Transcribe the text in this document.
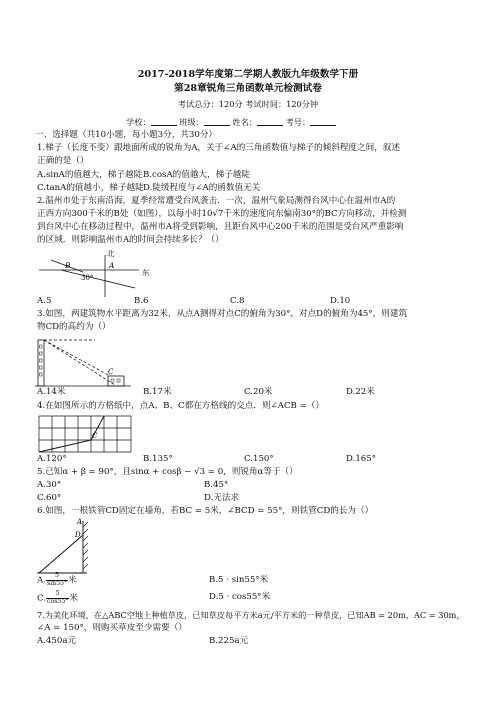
2017-2018学年度第二学期人教版九年级数学下册
第28章锐角三角函数单元检测试卷
考试总分：120分 考试时间：120分钟
学校：	班级：	姓名：	考号：
一、选择题（共10小题，每小题3分，共30分）
1.梯子（长度不变）跟地面所成的锐角为A，关于∠A的三角函数值与梯子的倾斜程度之间，叙述
正确的是（）
A.sinA的值越大，梯子越陡 B.cosA的值越大，梯子越陡
C.tanA的值越小，梯子越陡 D.陡缓程度与∠A的函数值无关
2.温州市处于东南沿海，夏季经常遭受台风袭击．一次，温州气象局测得台风中心在温州市A的
正西方向300千米的B处（如图），以每小时10√7千米的速度向东偏南30°的BC方向移动，并检测
到台风中心在移动过程中，温州市A将受到影响，且距台风中心200千米的范围是受台风严重影响
的区域．则影响温州市A的时间会持续多长？（）
北
东
B	A
30°
A.5	B.6	C.8	D.10
3.如图，两建筑物水平距离为32米，从点A测得对点C的俯角为30°，对点D的俯角为45°，则建筑
物CD的高约为（）
C
A.14米	B.17米	C.20米	D.22米
4.在如图所示的方格纸中，点A、B、C都在方格线的交点．则∠ACB =（）
C
A.120°	B.135°	C.150°	D.165°
5.已知α + β = 90°，且sinα + cosβ − √3 = 0，则锐角α等于（）
A.30°	B.45°
C.60°	D.无法求
6.如图，一根铁管CD固定在墙角，若BC = 5米，∠BCD = 55°，则铁管CD的长为（）
A
D
A. $\frac{5}{\sin 55^\circ}$ 米	B.5 · sin55°米
C. $\frac{5}{\cos 55^\circ}$ 米	D.5 · cos55°米
7.为美化环境，在△ABC空地上种植草皮，已知草皮每平方米a元/平方米的一种草皮，已知AB = 20m，AC = 30m，
∠A = 150°，则购买草皮至少需要（）
A.450a元	B.225a元
